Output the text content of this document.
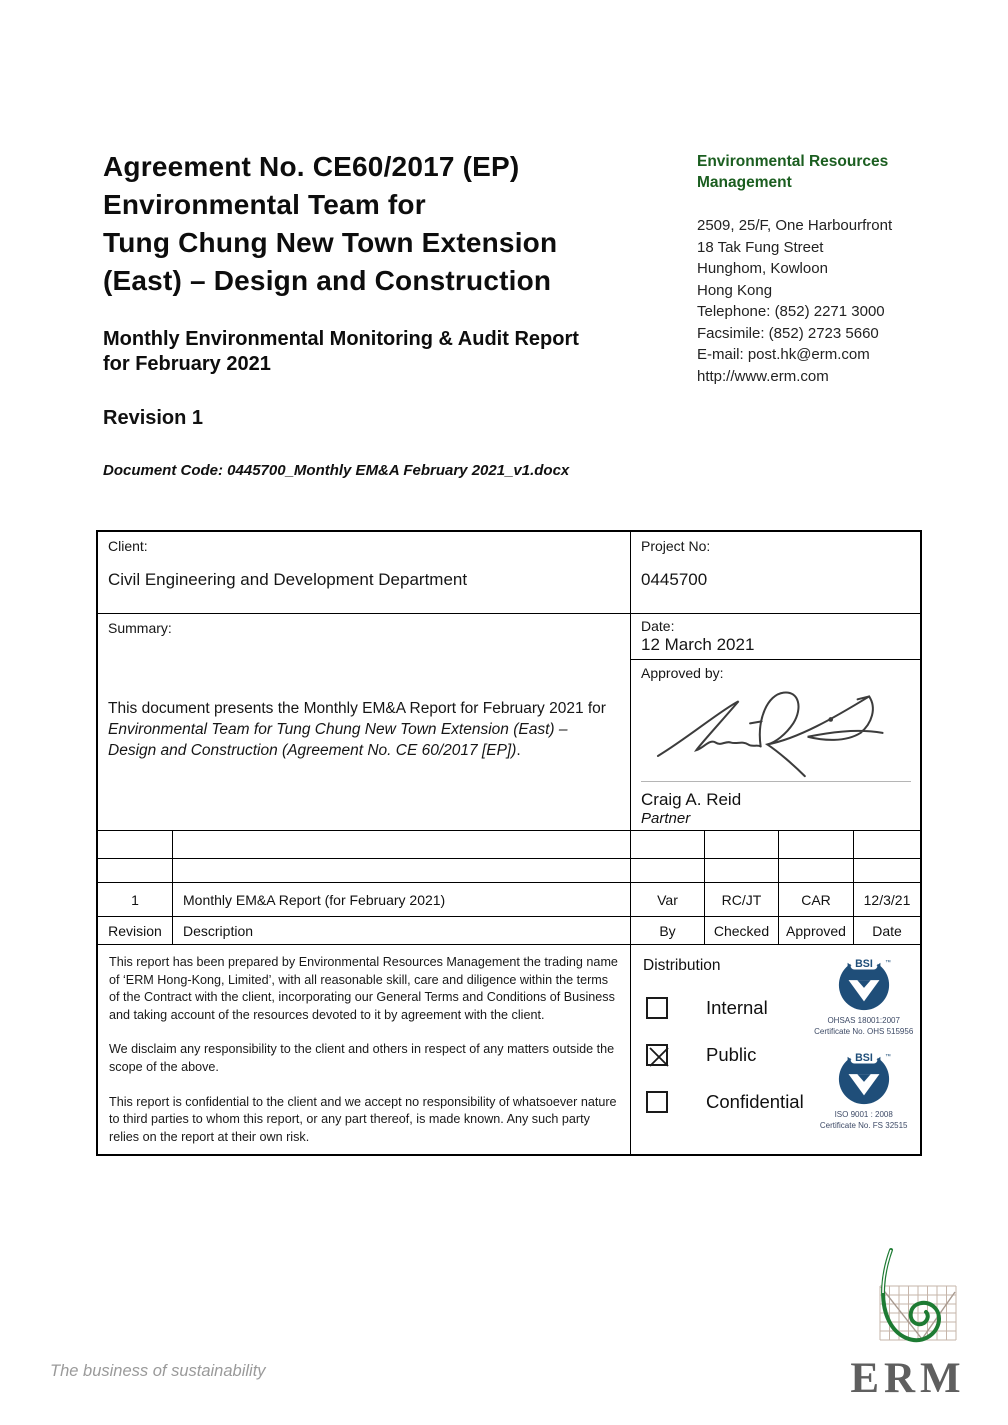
Agreement No. CE60/2017 (EP)
Environmental Team for
Tung Chung New Town Extension
(East) – Design and Construction
Monthly Environmental Monitoring & Audit Report
for February 2021
Revision 1
Document Code: 0445700_Monthly EM&A February 2021_v1.docx
Environmental Resources
Management
2509, 25/F, One Harbourfront
18 Tak Fung Street
Hunghom, Kowloon
Hong Kong
Telephone: (852) 2271 3000
Facsimile: (852) 2723 5660
E-mail: post.hk@erm.com
http://www.erm.com
Client:
Civil Engineering and Development Department
Project No:
0445700
Summary:
This document presents the Monthly EM&A Report for February 2021 for Environmental Team for Tung Chung New Town Extension (East) – Design and Construction (Agreement No. CE 60/2017 [EP]).
Date:
12 March 2021
Approved by:
Craig A. Reid
Partner
1	Monthly EM&A Report (for February 2021)	Var	RC/JT	CAR	12/3/21
Revision	Description	By	Checked	Approved	Date

This report has been prepared by Environmental Resources Management the trading name of ‘ERM Hong-Kong, Limited’, with all reasonable skill, care and diligence within the terms of the Contract with the client, incorporating our General Terms and Conditions of Business and taking account of the resources devoted to it by agreement with the client.

We disclaim any responsibility to the client and others in respect of any matters outside the scope of the above.

This report is confidential to the client and we accept no responsibility of whatsoever nature to third parties to whom this report, or any part thereof, is made known. Any such party relies on the report at their own risk.

Distribution
Internal
Public
Confidential
BSI ™
OHSAS 18001:2007
Certificate No. OHS 515956
BSI ™
ISO 9001 : 2008
Certificate No. FS 32515
The business of sustainability	ERM
